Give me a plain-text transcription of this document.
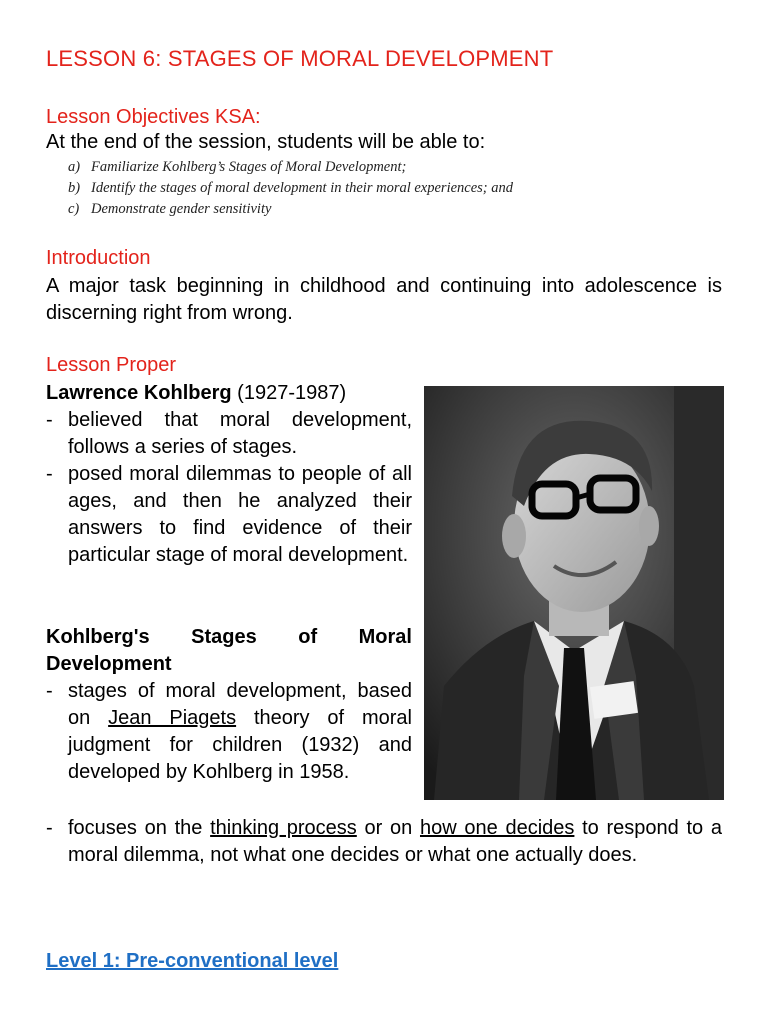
LESSON 6: STAGES OF MORAL DEVELOPMENT
Lesson Objectives KSA:
At the end of the session, students will be able to:
a) Familiarize Kohlberg’s Stages of Moral Development;
b) Identify the stages of moral development in their moral experiences; and
c) Demonstrate gender sensitivity
Introduction
A major task beginning in childhood and continuing into adolescence is discerning right from wrong.
Lesson Proper
Lawrence Kohlberg (1927-1987)
- believed that moral development, follows a series of stages.
- posed moral dilemmas to people of all ages, and then he analyzed their answers to find evidence of their particular stage of moral development.
Kohlberg's Stages of Moral
Development
- stages of moral development, based on Jean Piagets theory of moral judgment for children (1932) and developed by Kohlberg in 1958.
- focuses on the thinking process or on how one decides to respond to a moral dilemma, not what one decides or what one actually does.
Level 1: Pre-conventional level
